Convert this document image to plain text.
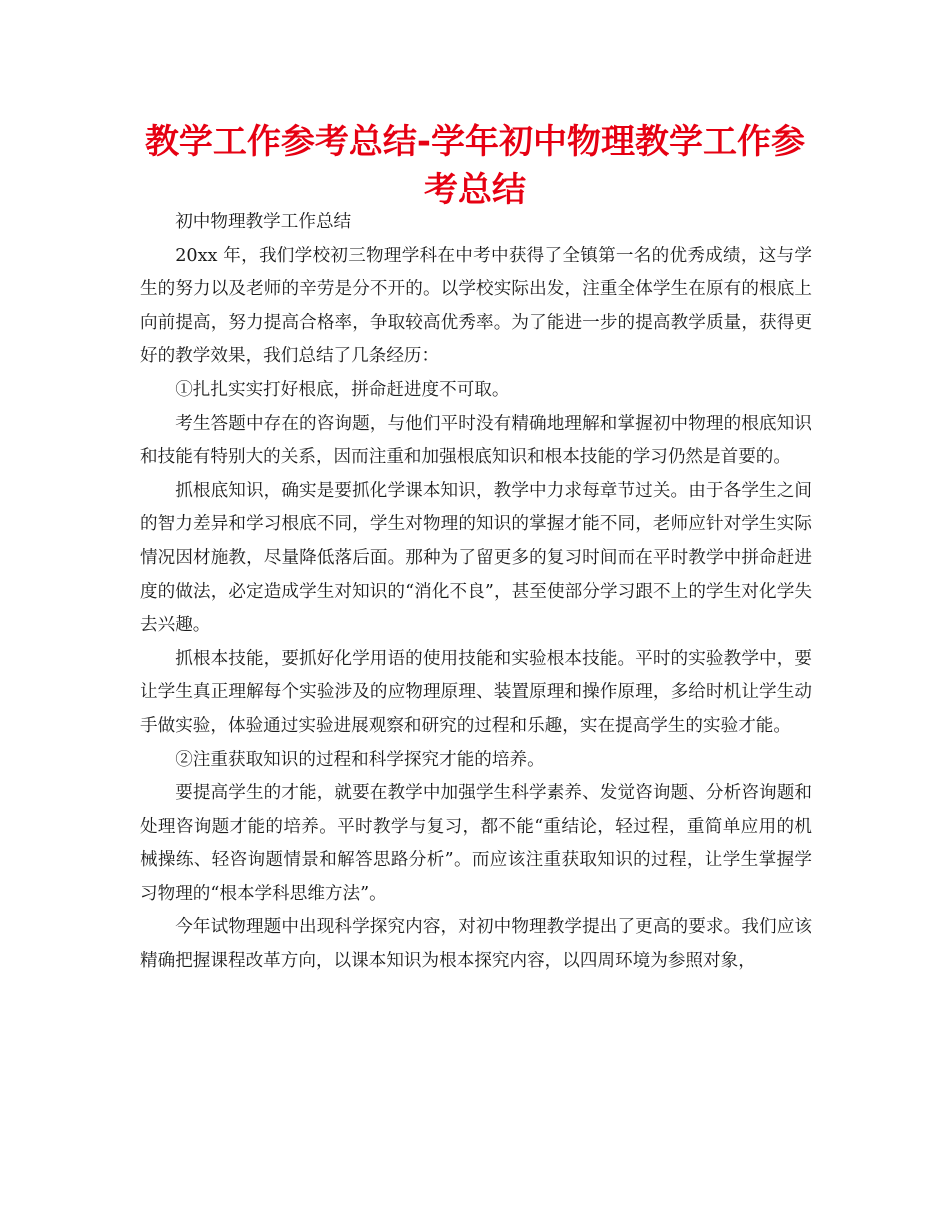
教学工作参考总结-学年初中物理教学工作参考总结

初中物理教学工作总结

20xx 年，我们学校初三物理学科在中考中获得了全镇第一名的优秀成绩，这与学生的努力以及老师的辛劳是分不开的。以学校实际出发，注重全体学生在原有的根底上向前提高，努力提高合格率，争取较高优秀率。为了能进一步的提高教学质量，获得更好的教学效果，我们总结了几条经历：

①扎扎实实打好根底，拼命赶进度不可取。

考生答题中存在的咨询题，与他们平时没有精确地理解和掌握初中物理的根底知识和技能有特别大的关系，因而注重和加强根底知识和根本技能的学习仍然是首要的。

抓根底知识，确实是要抓化学课本知识，教学中力求每章节过关。由于各学生之间的智力差异和学习根底不同，学生对物理的知识的掌握才能不同，老师应针对学生实际情况因材施教，尽量降低落后面。那种为了留更多的复习时间而在平时教学中拼命赶进度的做法，必定造成学生对知识的“消化不良”，甚至使部分学习跟不上的学生对化学失去兴趣。

抓根本技能，要抓好化学用语的使用技能和实验根本技能。平时的实验教学中，要让学生真正理解每个实验涉及的应物理原理、装置原理和操作原理，多给时机让学生动手做实验，体验通过实验进展观察和研究的过程和乐趣，实在提高学生的实验才能。

②注重获取知识的过程和科学探究才能的培养。

要提高学生的才能，就要在教学中加强学生科学素养、发觉咨询题、分析咨询题和处理咨询题才能的培养。平时教学与复习，都不能“重结论，轻过程，重简单应用的机械操练、轻咨询题情景和解答思路分析”。而应该注重获取知识的过程，让学生掌握学习物理的“根本学科思维方法”。

今年试物理题中出现科学探究内容，对初中物理教学提出了更高的要求。我们应该精确把握课程改革方向，以课本知识为根本探究内容，以四周环境为参照对象，
